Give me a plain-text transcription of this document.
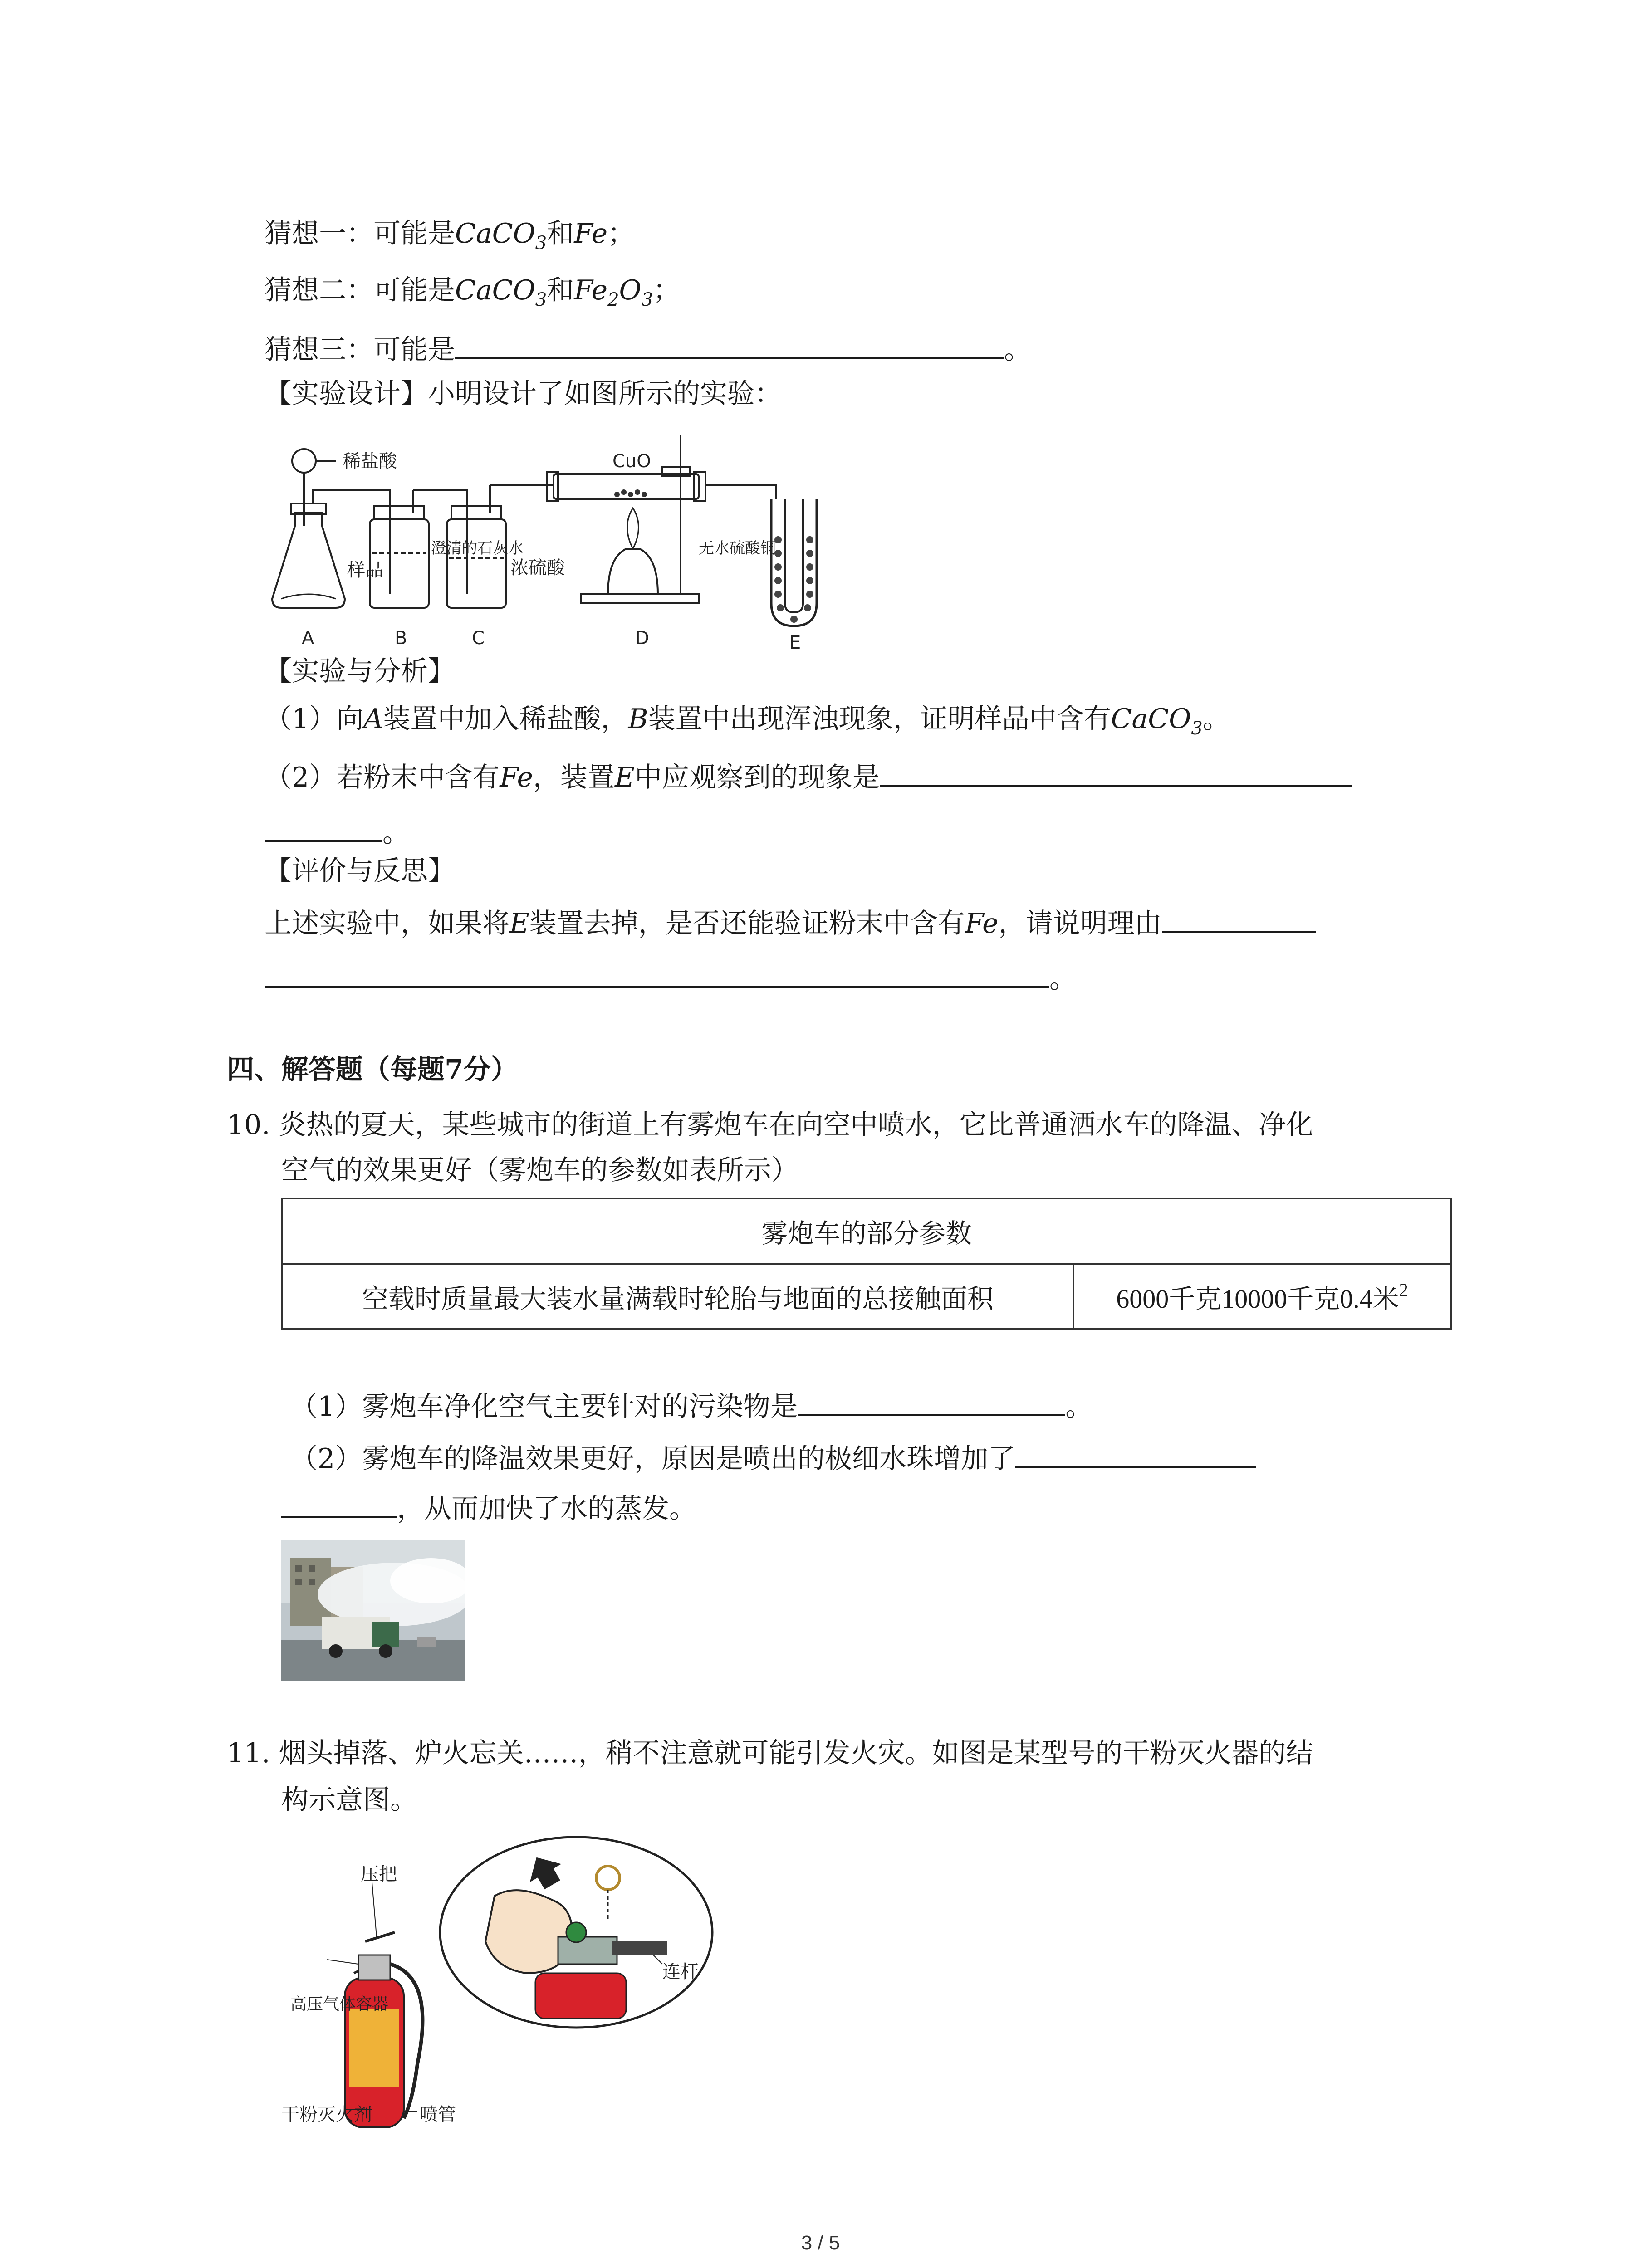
猜想一：可能是CaCO$_3$和Fe；
猜想二：可能是CaCO$_3$和$Fe_2O_3$；
猜想三：可能是	。
【实验设计】小明设计了如图所示的实验：
稀盐酸
样品
澄清的石灰水
浓硫酸
CuO
无水硫酸铜
A	B	C	D	E
【实验与分析】
（1）向A装置中加入稀盐酸，B装置中出现浑浊现象，证明样品中含有CaCO$_3$。
（2）若粉末中含有Fe，装置E中应观察到的现象是
。
【评价与反思】
上述实验中，如果将E装置去掉，是否还能验证粉末中含有Fe，请说明理由
。
四、解答题（每题7分）
10. 炎热的夏天，某些城市的街道上有雾炮车在向空中喷水，它比普通洒水车的降温、净化
空气的效果更好（雾炮车的参数如表所示）
雾炮车的部分参数
空载时质量最大装水量满载时轮胎与地面的总接触面积	6000千克10000千克0.4米$^2$
（1）雾炮车净化空气主要针对的污染物是	。
（2）雾炮车的降温效果更好，原因是喷出的极细水珠增加了
，从而加快了水的蒸发。
11. 烟头掉落、炉火忘关……，稍不注意就可能引发火灾。如图是某型号的干粉灭火器的结
构示意图。
压把
高压气体容器
干粉灭火剂	喷管
连杆
3 / 5
